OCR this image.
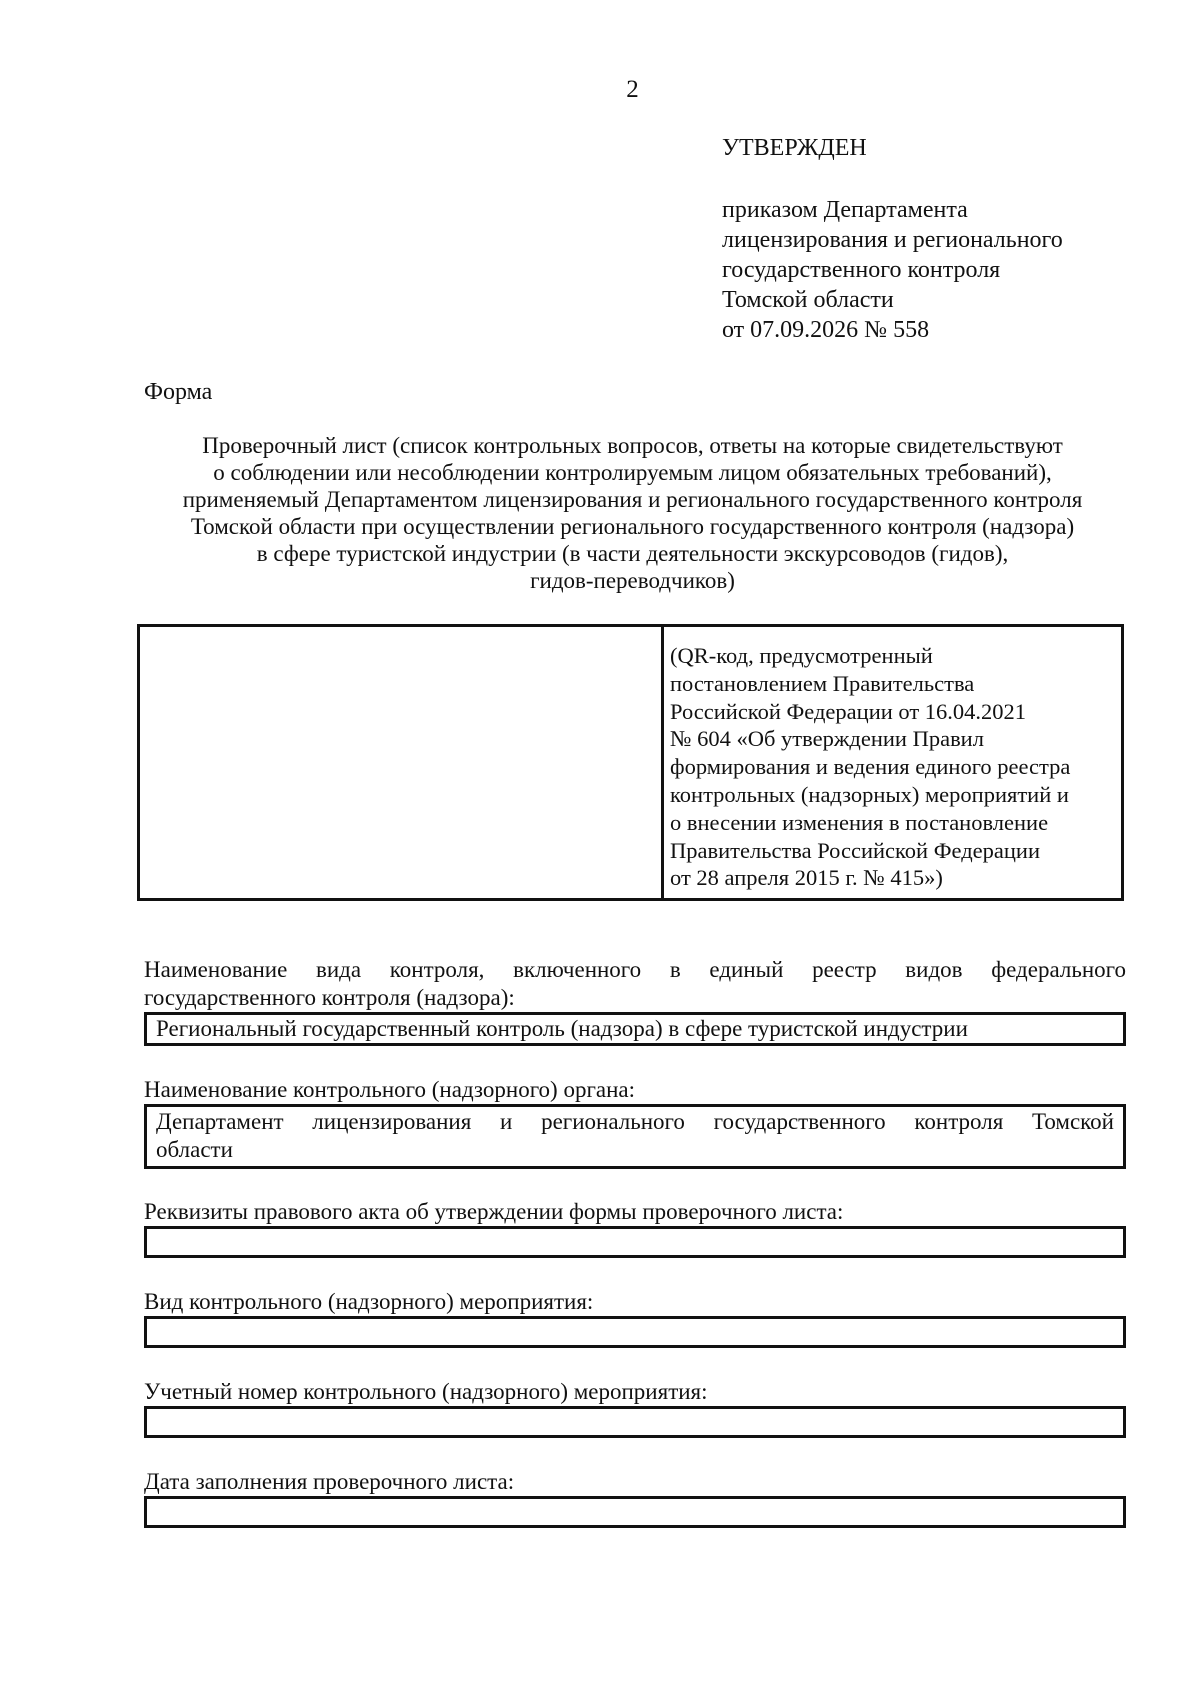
2
УТВЕРЖДЕН
приказом Департамента
лицензирования и регионального
государственного контроля
Томской области
от 07.09.2026 № 558
Форма
Проверочный лист (список контрольных вопросов, ответы на которые свидетельствуют
о соблюдении или несоблюдении контролируемым лицом обязательных требований),
применяемый Департаментом лицензирования и регионального государственного контроля
Томской области при осуществлении регионального государственного контроля (надзора)
в сфере туристской индустрии (в части деятельности экскурсоводов (гидов),
гидов-переводчиков)
(QR-код, предусмотренный
постановлением Правительства
Российской Федерации от 16.04.2021
№ 604 «Об утверждении Правил
формирования и ведения единого реестра
контрольных (надзорных) мероприятий и
о внесении изменения в постановление
Правительства Российской Федерации
от 28 апреля 2015 г. № 415»)
Наименование вида контроля, включенного в единый реестр видов федерального
государственного контроля (надзора):
Региональный государственный контроль (надзора) в сфере туристской индустрии
Наименование контрольного (надзорного) органа:
Департамент лицензирования и регионального государственного контроля Томской
области
Реквизиты правового акта об утверждении формы проверочного листа:
Вид контрольного (надзорного) мероприятия:
Учетный номер контрольного (надзорного) мероприятия:
Дата заполнения проверочного листа:
